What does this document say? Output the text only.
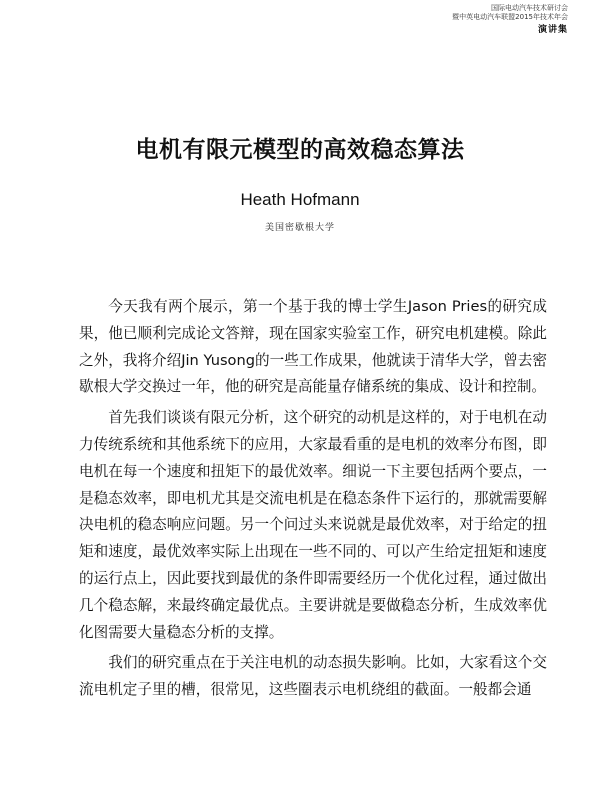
国际电动汽车技术研讨会
暨中英电动汽车联盟2015年技术年会
演讲集
电机有限元模型的高效稳态算法
Heath Hofmann
美国密歇根大学

今天我有两个展示，第一个基于我的博士学生Jason Pries的研究成果，他已顺利完成论文答辩，现在国家实验室工作，研究电机建模。除此之外，我将介绍Jin Yusong的一些工作成果，他就读于清华大学，曾去密歇根大学交换过一年，他的研究是高能量存储系统的集成、设计和控制。

首先我们谈谈有限元分析，这个研究的动机是这样的，对于电机在动力传统系统和其他系统下的应用，大家最看重的是电机的效率分布图，即电机在每一个速度和扭矩下的最优效率。细说一下主要包括两个要点，一是稳态效率，即电机尤其是交流电机是在稳态条件下运行的，那就需要解决电机的稳态响应问题。另一个问过头来说就是最优效率，对于给定的扭矩和速度，最优效率实际上出现在一些不同的、可以产生给定扭矩和速度的运行点上，因此要找到最优的条件即需要经历一个优化过程，通过做出几个稳态解，来最终确定最优点。主要讲就是要做稳态分析，生成效率优化图需要大量稳态分析的支撑。

我们的研究重点在于关注电机的动态损失影响。比如，大家看这个交流电机定子里的槽，很常见，这些圈表示电机绕组的截面。一般都会通
